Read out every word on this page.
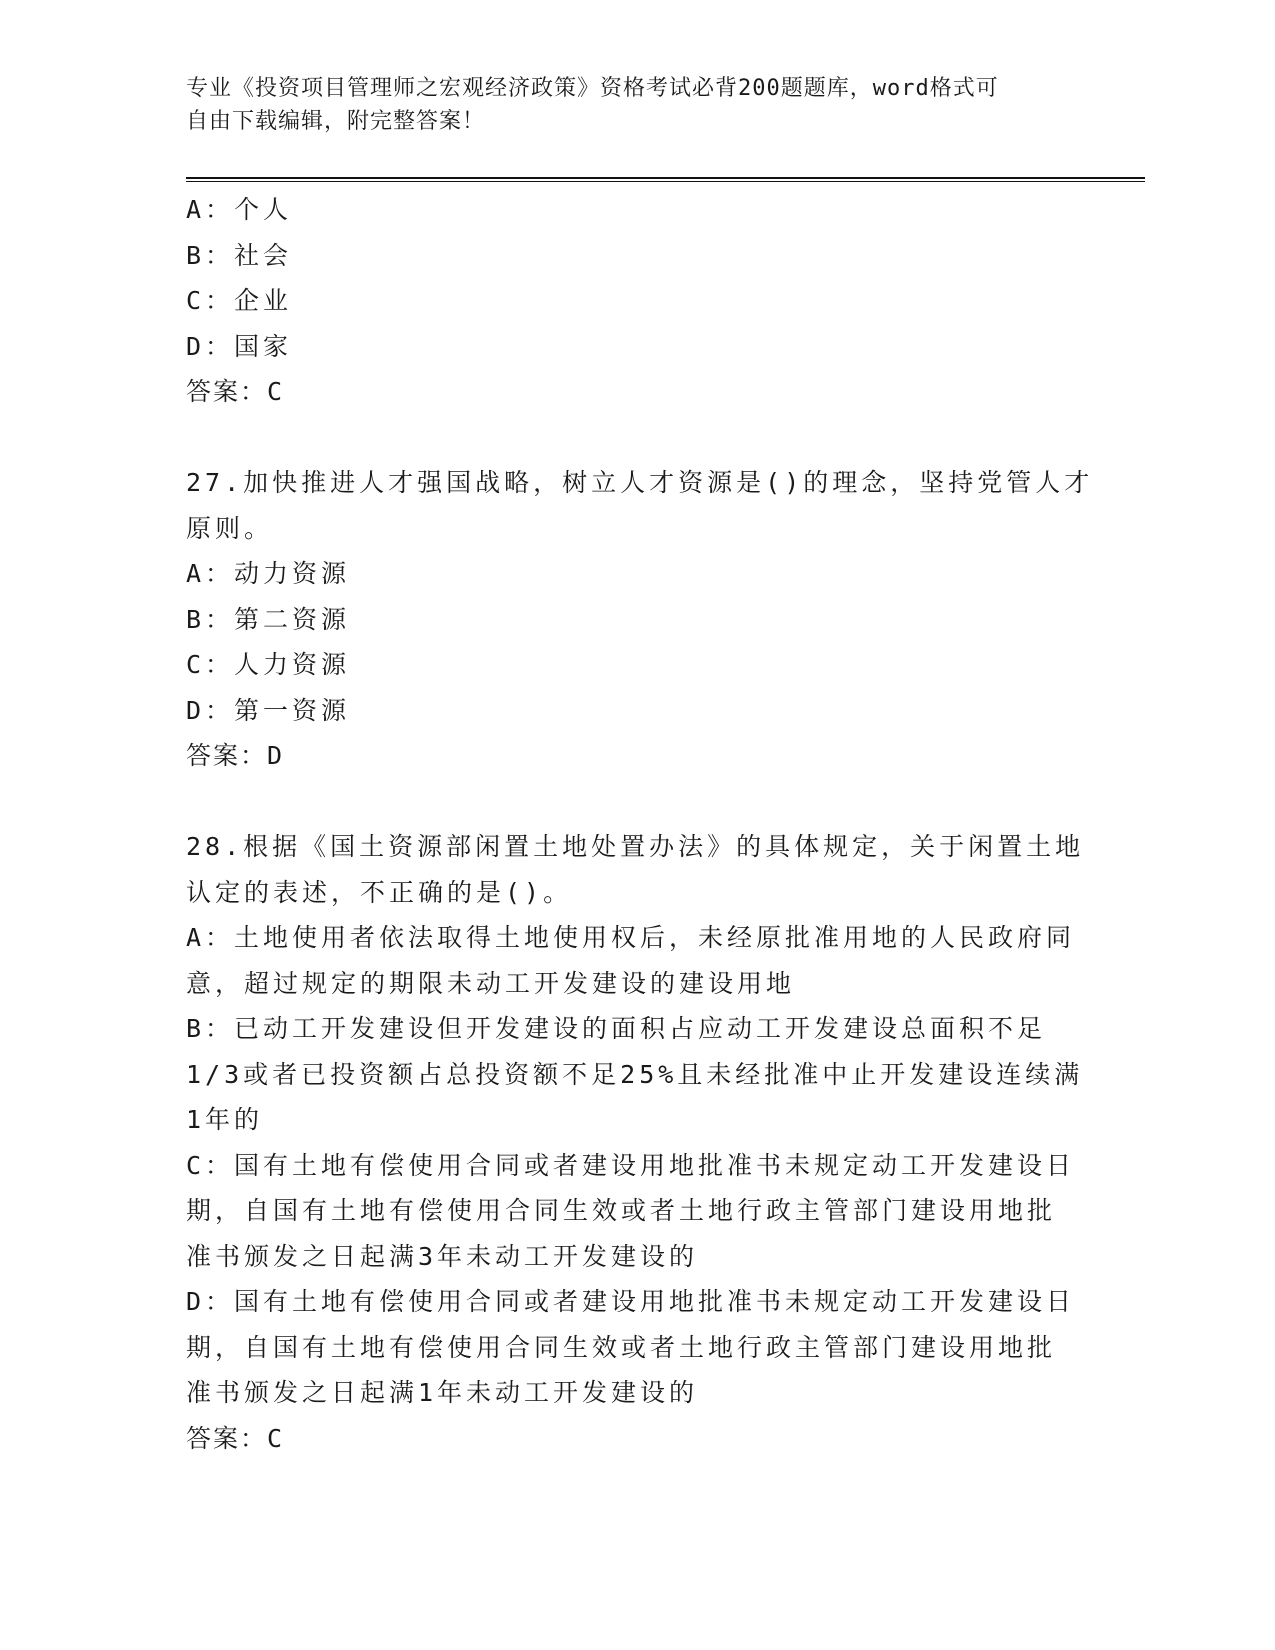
专业《投资项目管理师之宏观经济政策》资格考试必背200题题库，word格式可
自由下载编辑，附完整答案！
A：个人
B：社会
C：企业
D：国家
答案：C
27.加快推进人才强国战略，树立人才资源是()的理念，坚持党管人才
原则。
A：动力资源
B：第二资源
C：人力资源
D：第一资源
答案：D
28.根据《国土资源部闲置土地处置办法》的具体规定，关于闲置土地
认定的表述，不正确的是()。
A：土地使用者依法取得土地使用权后，未经原批准用地的人民政府同
意，超过规定的期限未动工开发建设的建设用地
B：已动工开发建设但开发建设的面积占应动工开发建设总面积不足
1/3或者已投资额占总投资额不足25%且未经批准中止开发建设连续满
1年的
C：国有土地有偿使用合同或者建设用地批准书未规定动工开发建设日
期，自国有土地有偿使用合同生效或者土地行政主管部门建设用地批
准书颁发之日起满3年未动工开发建设的
D：国有土地有偿使用合同或者建设用地批准书未规定动工开发建设日
期，自国有土地有偿使用合同生效或者土地行政主管部门建设用地批
准书颁发之日起满1年未动工开发建设的
答案：C
